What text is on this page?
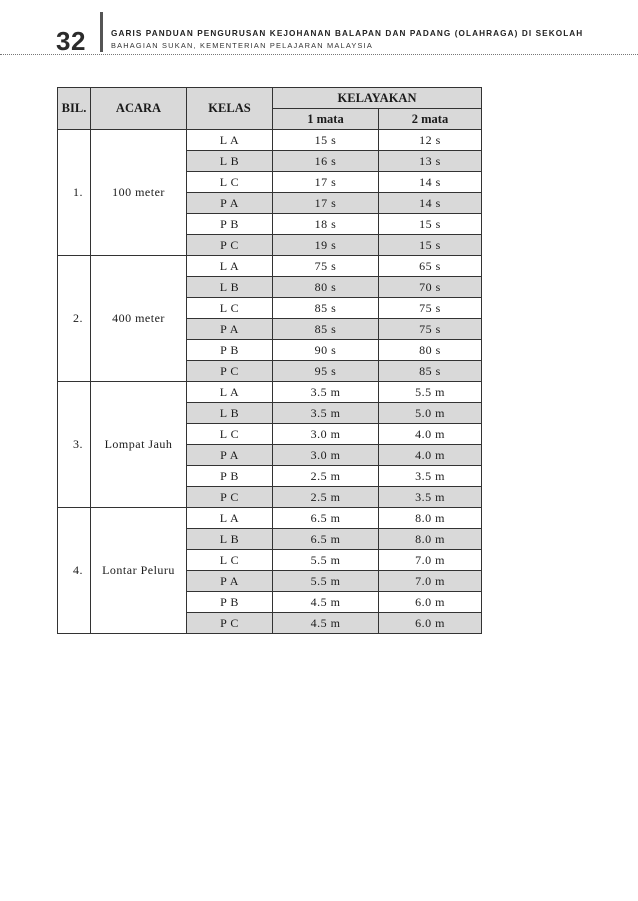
32	GARIS PANDUAN PENGURUSAN KEJOHANAN BALAPAN DAN PADANG (OLAHRAGA) DI SEKOLAH
BAHAGIAN SUKAN, KEMENTERIAN PELAJARAN MALAYSIA
BIL.	ACARA	KELAS	KELAYAKAN	
			1 mata	2 mata
1.	100 meter	L A	15 s	12 s
		L B	16 s	13 s
		L C	17 s	14 s
		P A	17 s	14 s
		P B	18 s	15 s
		P C	19 s	15 s
2.	400 meter	L A	75 s	65 s
		L B	80 s	70 s
		L C	85 s	75 s
		P A	85 s	75 s
		P B	90 s	80 s
		P C	95 s	85 s
3.	Lompat Jauh	L A	3.5 m	5.5 m
		L B	3.5 m	5.0 m
		L C	3.0 m	4.0 m
		P A	3.0 m	4.0 m
		P B	2.5 m	3.5 m
		P C	2.5 m	3.5 m
4.	Lontar Peluru	L A	6.5 m	8.0 m
		L B	6.5 m	8.0 m
		L C	5.5 m	7.0 m
		P A	5.5 m	7.0 m
		P B	4.5 m	6.0 m
		P C	4.5 m	6.0 m
